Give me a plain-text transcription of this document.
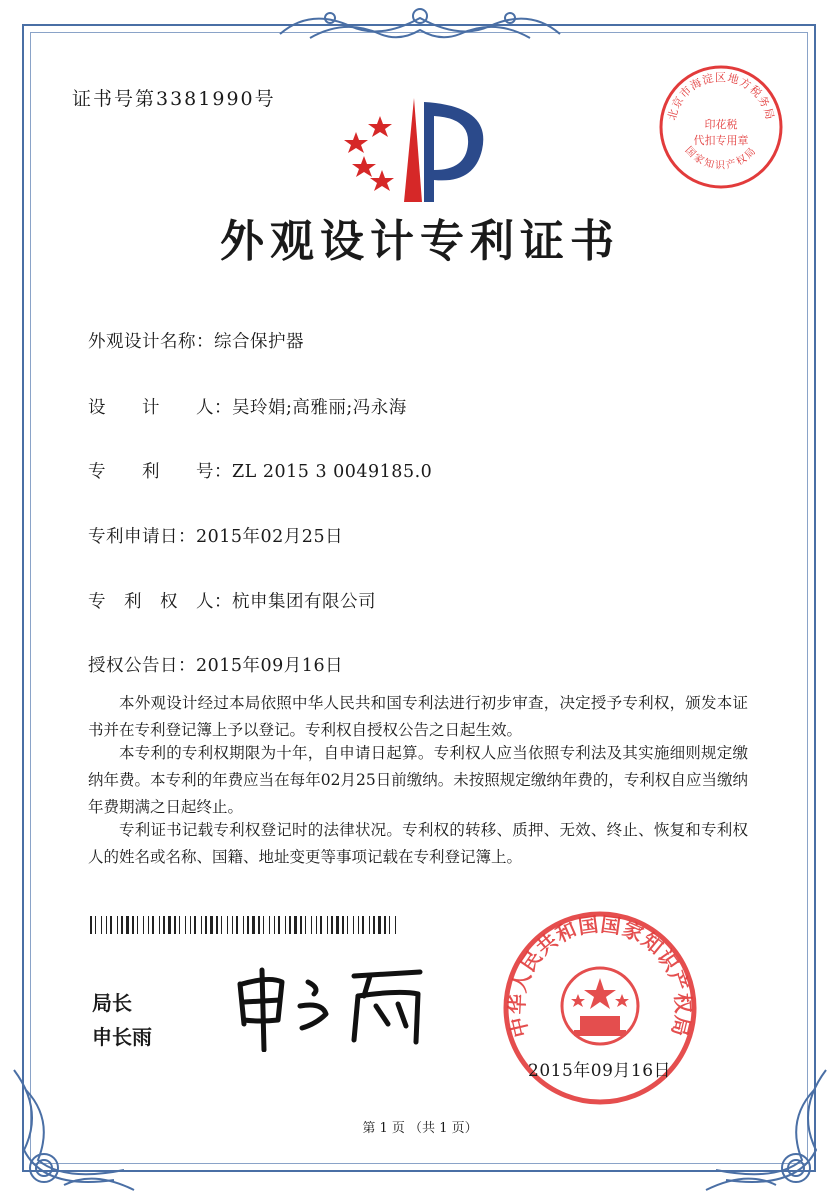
证书号第3381990号
外观设计专利证书
北京市海淀区地方税务局
印花税
代扣专用章
国家知识产权局
外观设计名称：综合保护器
设　　计　　人：吴玲娟;高雅丽;冯永海
专　　利　　号：ZL 2015 3 0049185.0
专利申请日：2015年02月25日
专　利　权　人：杭申集团有限公司
授权公告日：2015年09月16日
本外观设计经过本局依照中华人民共和国专利法进行初步审查，决定授予专利权，颁发本证书并在专利登记簿上予以登记。专利权自授权公告之日起生效。
本专利的专利权期限为十年，自申请日起算。专利权人应当依照专利法及其实施细则规定缴纳年费。本专利的年费应当在每年02月25日前缴纳。未按照规定缴纳年费的，专利权自应当缴纳年费期满之日起终止。
专利证书记载专利权登记时的法律状况。专利权的转移、质押、无效、终止、恢复和专利权人的姓名或名称、国籍、地址变更等事项记载在专利登记簿上。
局长
申长雨	中华人民共和国国家知识产权局
2015年09月16日
第 1 页 （共 1 页）
